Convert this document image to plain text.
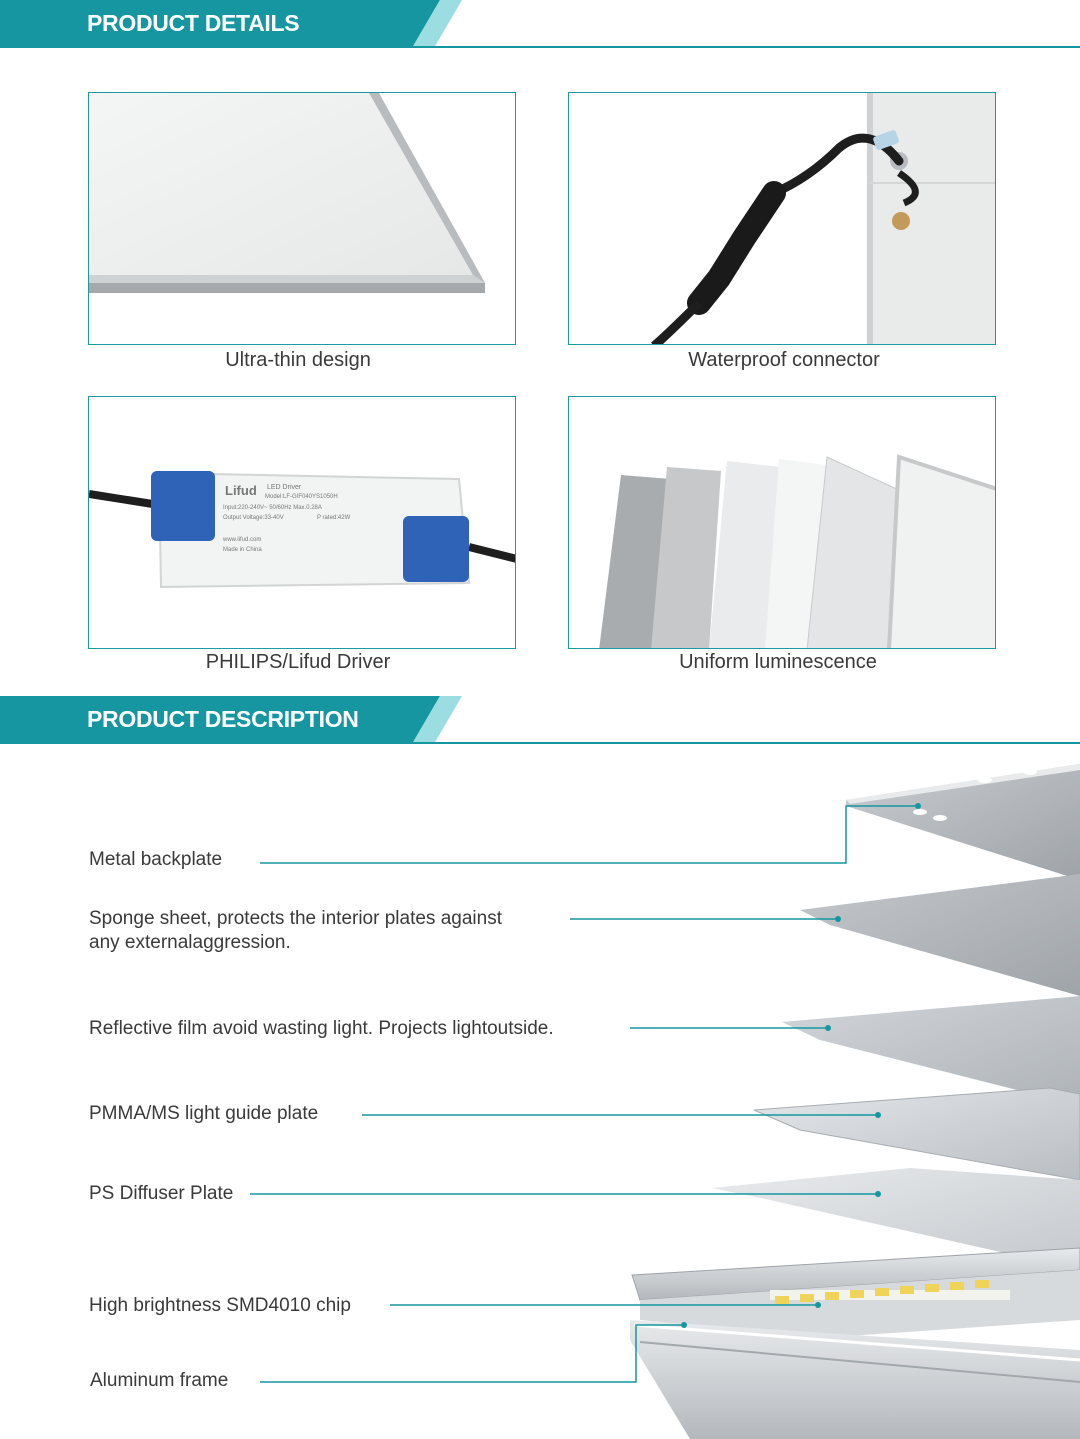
PRODUCT DETAILS
Ultra-thin design	Waterproof connector
Lifud LED Driver
Model:LF-GIF040YS1050H
Input:220-240V~ 50/60Hz Max.0.28A
Output Voltage:33-40V	P rated:42W
www.lifud.com
Made in China
PHILIPS/Lifud Driver	Uniform luminescence
PRODUCT DESCRIPTION
Metal backplate
Sponge sheet, protects the interior plates against
any externalaggression.
Reflective film avoid wasting light. Projects lightoutside.
PMMA/MS light guide plate
PS Diffuser Plate
High brightness SMD4010 chip
Aluminum frame
